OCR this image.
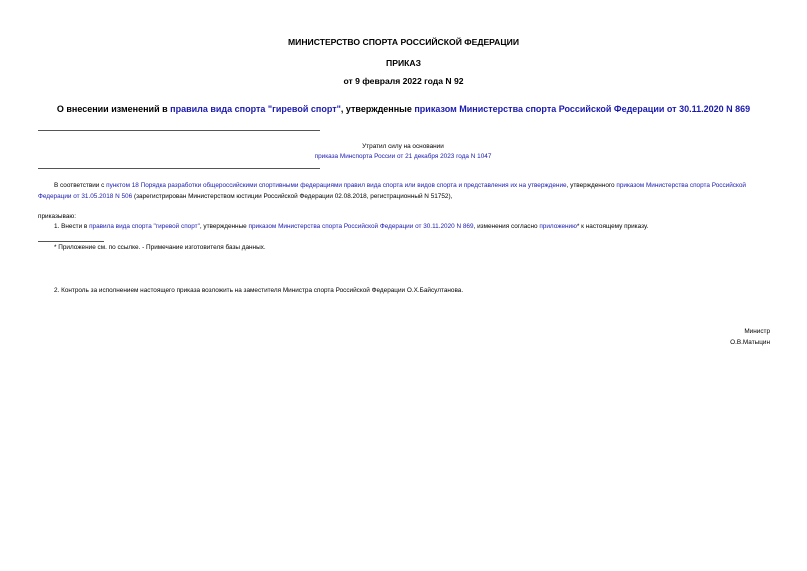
МИНИСТЕРСТВО СПОРТА РОССИЙСКОЙ ФЕДЕРАЦИИ
ПРИКАЗ
от 9 февраля 2022 года N 92
О внесении изменений в правила вида спорта "гиревой спорт", утвержденные приказом Министерства спорта Российской Федерации от 30.11.2020 N 869
Утратил силу на основании
приказа Минспорта России от 21 декабря 2023 года N 1047
В соответствии с пунктом 18 Порядка разработки общероссийскими спортивными федерациями правил вида спорта или видов спорта и представления их на утверждение, утвержденного приказом Министерства спорта Российской Федерации от 31.05.2018 N 506 (зарегистрирован Министерством юстиции Российской Федерации 02.08.2018, регистрационный N 51752),
приказываю:
1. Внести в правила вида спорта "гиревой спорт", утвержденные приказом Министерства спорта Российской Федерации от 30.11.2020 N 869, изменения согласно приложению* к настоящему приказу.
* Приложение см. по ссылке. - Примечание изготовителя базы данных.
2. Контроль за исполнением настоящего приказа возложить на заместителя Министра спорта Российской Федерации О.Х.Байсултанова.
Министр
О.В.Матыцин
